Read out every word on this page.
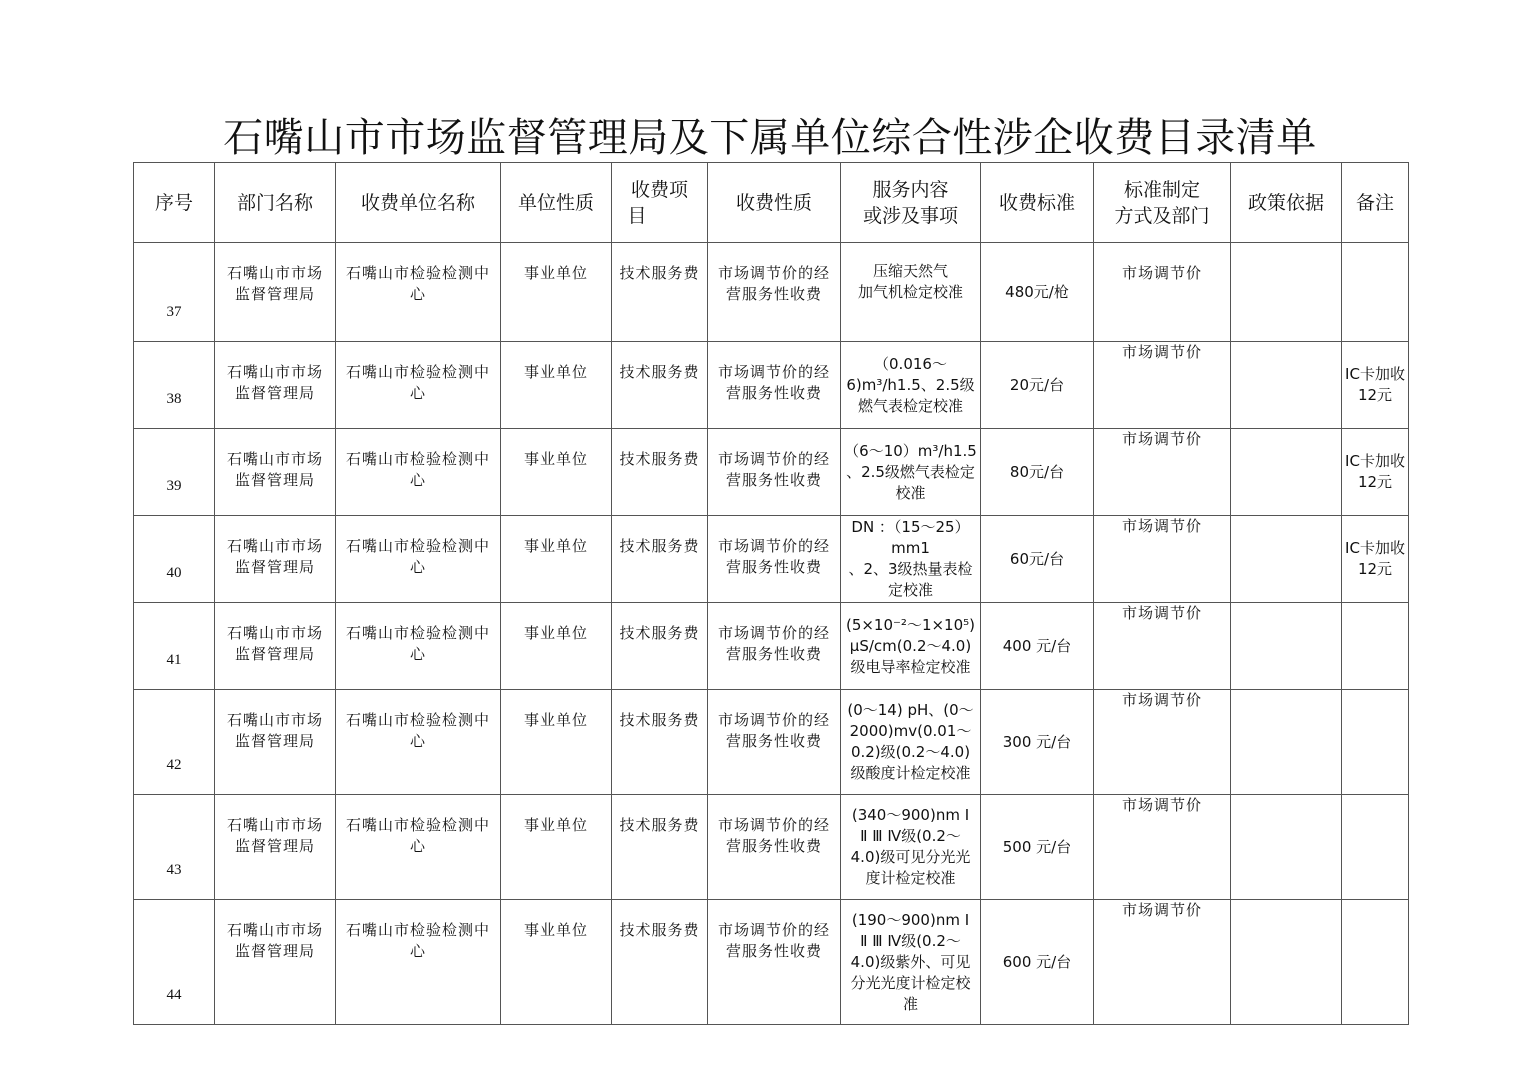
石嘴山市市场监督管理局及下属单位综合性涉企收费目录清单
序号	部门名称	收费单位名称	单位性质	收费项
目	收费性质	服务内容
或涉及事项	收费标准	标准制定
方式及部门	政策依据	备注
37	石嘴山市市场
监督管理局	石嘴山市检验检测中
心	事业单位	技术服务费	市场调节价的经
营服务性收费	压缩天然气
加气机检定校准	480元/枪	市场调节价		

38	石嘴山市市场
监督管理局	石嘴山市检验检测中
心	事业单位	技术服务费	市场调节价的经
营服务性收费	（0.016～
6)m³/h1.5、2.5级
燃气表检定校准	20元/台	市场调节价		IC卡加收
12元
39	石嘴山市市场
监督管理局	石嘴山市检验检测中
心	事业单位	技术服务费	市场调节价的经
营服务性收费	（6～10）m³/h1.5
、2.5级燃气表检定
校准	80元/台	市场调节价		IC卡加收
12元
40	石嘴山市市场
监督管理局	石嘴山市检验检测中
心	事业单位	技术服务费	市场调节价的经
营服务性收费	DN ：（15～25）mm1
、2、3级热量表检
定校准	60元/台	市场调节价		IC卡加收
12元
41	石嘴山市市场
监督管理局	石嘴山市检验检测中
心	事业单位	技术服务费	市场调节价的经
营服务性收费	(5×10⁻²～1×10⁵)
μS/cm(0.2～4.0)
级电导率检定校准	400 元/台	市场调节价		

42	石嘴山市市场
监督管理局	石嘴山市检验检测中
心	事业单位	技术服务费	市场调节价的经
营服务性收费	(0～14) pH、(0～
2000)mv(0.01～
0.2)级(0.2～4.0)
级酸度计检定校准	300 元/台	市场调节价		

43	石嘴山市市场
监督管理局	石嘴山市检验检测中
心	事业单位	技术服务费	市场调节价的经
营服务性收费	(340～900)nm Ⅰ
Ⅱ Ⅲ Ⅳ级(0.2～
4.0)级可见分光光
度计检定校准	500 元/台	市场调节价		

44	石嘴山市市场
监督管理局	石嘴山市检验检测中
心	事业单位	技术服务费	市场调节价的经
营服务性收费	(190～900)nm Ⅰ
Ⅱ Ⅲ Ⅳ级(0.2～
4.0)级紫外、可见
分光光度计检定校
准	600 元/台	市场调节价		
